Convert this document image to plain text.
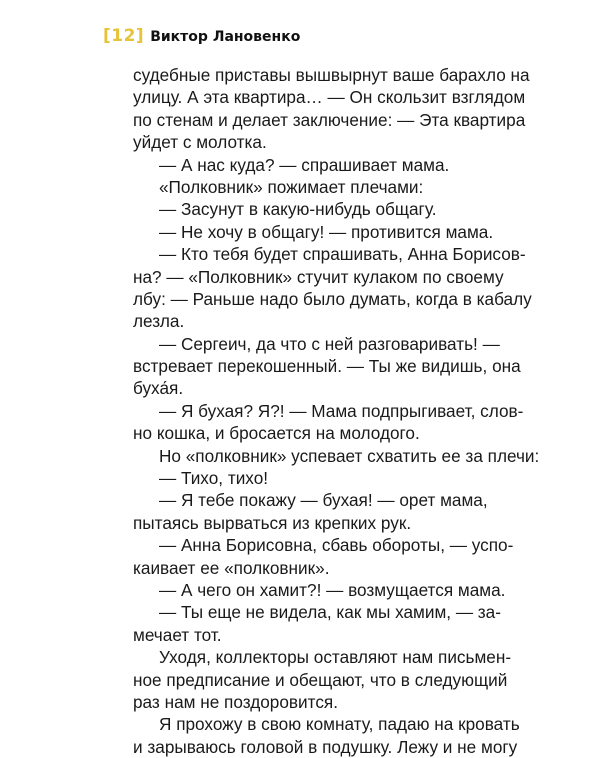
[12] Виктор Лановенко
судебные приставы вышвырнут ваше барахло на
улицу. А эта квартира… — Он скользит взглядом
по стенам и делает заключение: — Эта квартира
уйдет с молотка.
— А нас куда? — спрашивает мама.
«Полковник» пожимает плечами:
— Засунут в какую-нибудь общагу.
— Не хочу в общагу! — противится мама.
— Кто тебя будет спрашивать, Анна Борисов-
на? — «Полковник» стучит кулаком по своему
лбу: — Раньше надо было думать, когда в кабалу
лезла.
— Сергеич, да что с ней разговаривать! —
встревает перекошенный. — Ты же видишь, она
буха́я.
— Я бухая? Я?! — Мама подпрыгивает, слов-
но кошка, и бросается на молодого.
Но «полковник» успевает схватить ее за плечи:
— Тихо, тихо!
— Я тебе покажу — бухая! — орет мама,
пытаясь вырваться из крепких рук.
— Анна Борисовна, сбавь обороты, — успо-
каивает ее «полковник».
— А чего он хамит?! — возмущается мама.
— Ты еще не видела, как мы хамим, — за-
мечает тот.
Уходя, коллекторы оставляют нам письмен-
ное предписание и обещают, что в следующий
раз нам не поздоровится.
Я прохожу в свою комнату, падаю на кровать
и зарываюсь головой в подушку. Лежу и не могу
